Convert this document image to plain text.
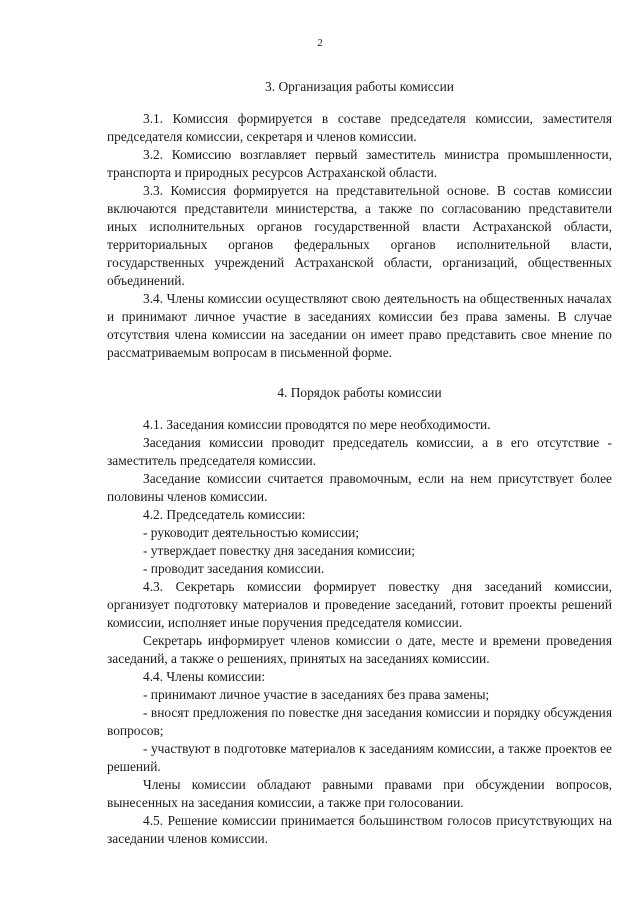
2

3. Организация работы комиссии

3.1. Комиссия формируется в составе председателя комиссии, заместителя председателя комиссии, секретаря и членов комиссии.

3.2. Комиссию возглавляет первый заместитель министра промышленности, транспорта и природных ресурсов Астраханской области.

3.3. Комиссия формируется на представительной основе. В состав комиссии включаются представители министерства, а также по согласованию представители иных исполнительных органов государственной власти Астраханской области, территориальных органов федеральных органов исполнительной власти, государственных учреждений Астраханской области, организаций, общественных объединений.

3.4. Члены комиссии осуществляют свою деятельность на общественных началах и принимают личное участие в заседаниях комиссии без права замены. В случае отсутствия члена комиссии на заседании он имеет право представить свое мнение по рассматриваемым вопросам в письменной форме.

4. Порядок работы комиссии

4.1. Заседания комиссии проводятся по мере необходимости.

Заседания комиссии проводит председатель комиссии, а в его отсутствие - заместитель председателя комиссии.

Заседание комиссии считается правомочным, если на нем присутствует более половины членов комиссии.

4.2. Председатель комиссии:

- руководит деятельностью комиссии;

- утверждает повестку дня заседания комиссии;

- проводит заседания комиссии.

4.3. Секретарь комиссии формирует повестку дня заседаний комиссии, организует подготовку материалов и проведение заседаний, готовит проекты решений комиссии, исполняет иные поручения председателя комиссии.

Секретарь информирует членов комиссии о дате, месте и времени проведения заседаний, а также о решениях, принятых на заседаниях комиссии.

4.4. Члены комиссии:

- принимают личное участие в заседаниях без права замены;

- вносят предложения по повестке дня заседания комиссии и порядку обсуждения вопросов;

- участвуют в подготовке материалов к заседаниям комиссии, а также проектов ее решений.

Члены комиссии обладают равными правами при обсуждении вопросов, вынесенных на заседания комиссии, а также при голосовании.

4.5. Решение комиссии принимается большинством голосов присутствующих на заседании членов комиссии.
